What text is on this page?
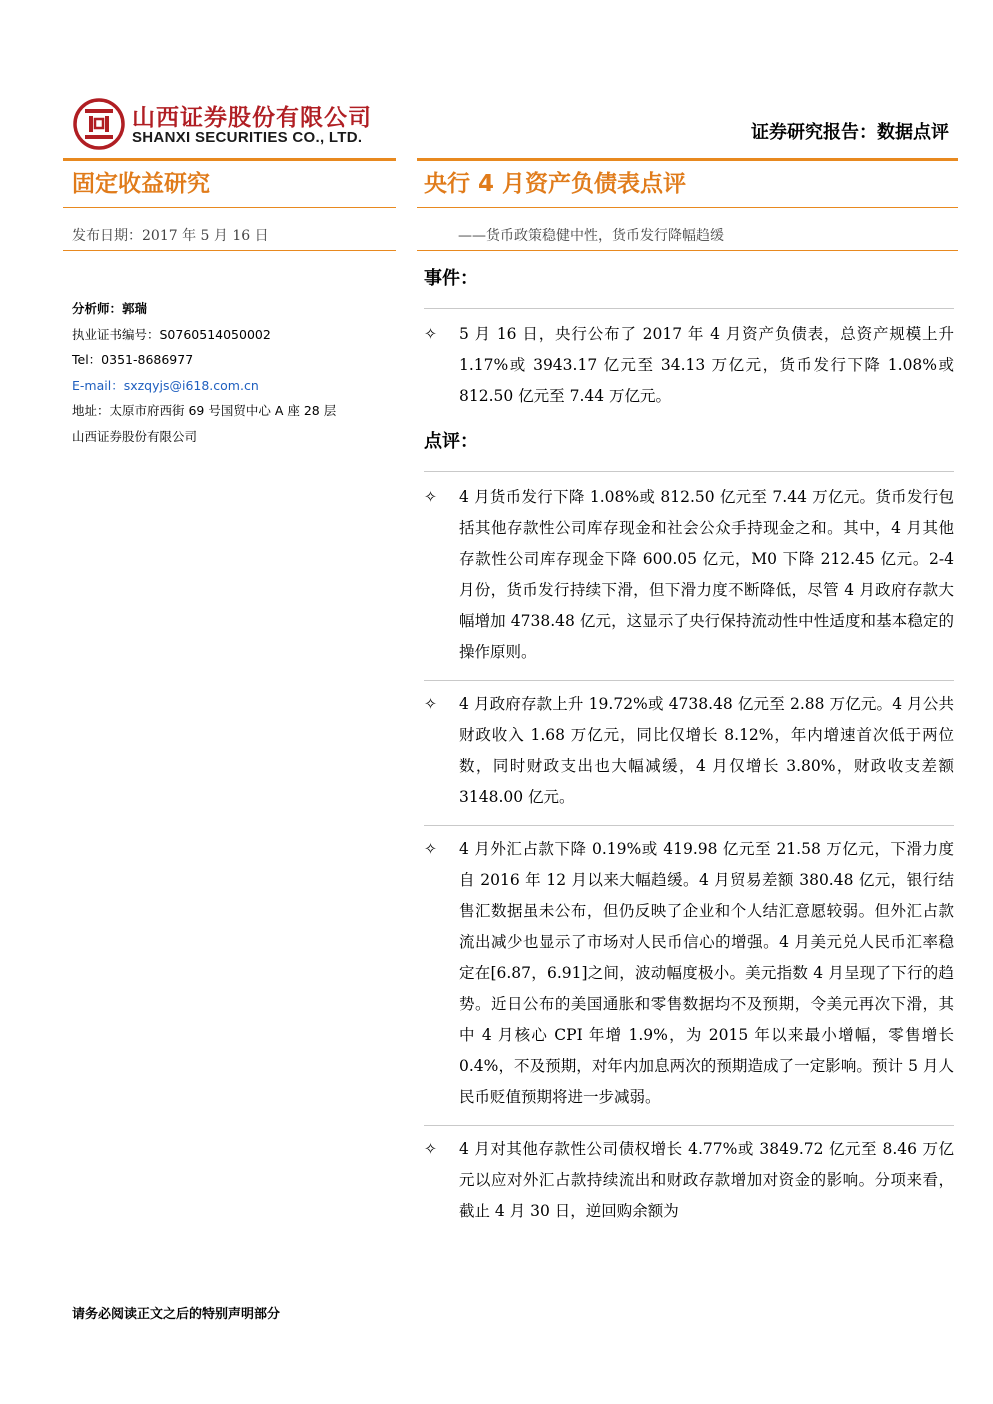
山西证券股份有限公司
SHANXI SECURITIES CO., LTD.	证券研究报告：数据点评
固定收益研究	央行 4 月资产负债表点评
发布日期：2017 年 5 月 16 日	——货币政策稳健中性，货币发行降幅趋缓
分析师：郭瑞
执业证书编号：S0760514050002
Tel：0351-8686977
E-mail：sxzqyjs@i618.com.cn
地址：太原市府西街 69 号国贸中心 A 座 28 层
山西证券股份有限公司
事件：
✧	5 月 16 日，央行公布了 2017 年 4 月资产负债表，总资产规模上升 1.17%或 3943.17 亿元至 34.13 万亿元，货币发行下降 1.08%或 812.50 亿元至 7.44 万亿元。
点评：
✧	4 月货币发行下降 1.08%或 812.50 亿元至 7.44 万亿元。货币发行包括其他存款性公司库存现金和社会公众手持现金之和。其中，4 月其他存款性公司库存现金下降 600.05 亿元，M0 下降 212.45 亿元。2-4 月份，货币发行持续下滑，但下滑力度不断降低，尽管 4 月政府存款大幅增加 4738.48 亿元，这显示了央行保持流动性中性适度和基本稳定的操作原则。
✧	4 月政府存款上升 19.72%或 4738.48 亿元至 2.88 万亿元。4 月公共财政收入 1.68 万亿元，同比仅增长 8.12%，年内增速首次低于两位数，同时财政支出也大幅减缓，4 月仅增长 3.80%，财政收支差额 3148.00 亿元。
✧	4 月外汇占款下降 0.19%或 419.98 亿元至 21.58 万亿元，下滑力度自 2016 年 12 月以来大幅趋缓。4 月贸易差额 380.48 亿元，银行结售汇数据虽未公布，但仍反映了企业和个人结汇意愿较弱。但外汇占款流出减少也显示了市场对人民币信心的增强。4 月美元兑人民币汇率稳定在[6.87，6.91]之间，波动幅度极小。美元指数 4 月呈现了下行的趋势。近日公布的美国通胀和零售数据均不及预期，令美元再次下滑，其中 4 月核心 CPI 年增 1.9%，为 2015 年以来最小增幅，零售增长 0.4%，不及预期，对年内加息两次的预期造成了一定影响。预计 5 月人民币贬值预期将进一步减弱。
✧	4 月对其他存款性公司债权增长 4.77%或 3849.72 亿元至 8.46 万亿元以应对外汇占款持续流出和财政存款增加对资金的影响。分项来看，截止 4 月 30 日，逆回购余额为
请务必阅读正文之后的特别声明部分
